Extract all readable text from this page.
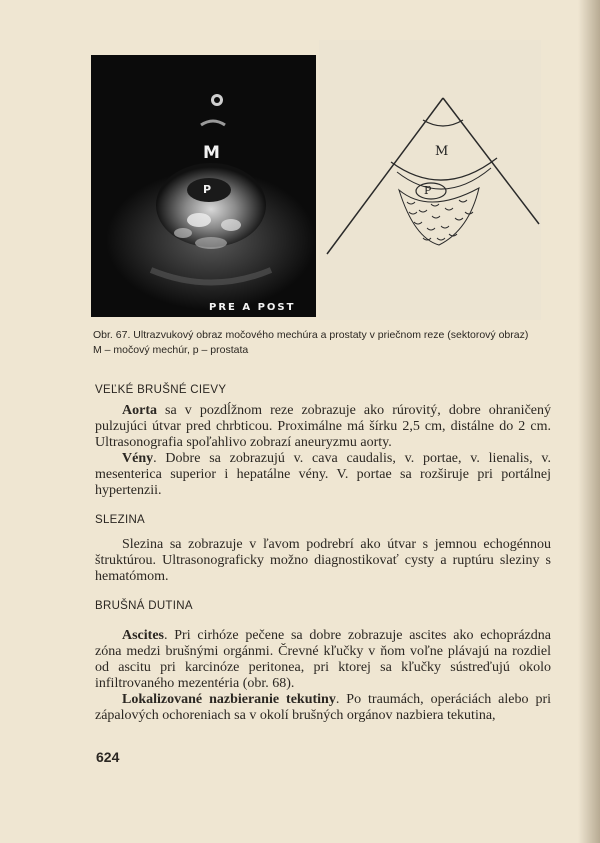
M
P
PRE A POST
M
P
Obr. 67. Ultrazvukový obraz močového mechúra a prostaty v priečnom reze (sektorový obraz)
M – močový mechúr, p – prostata
VEĽKÉ BRUŠNÉ CIEVY
Aorta sa v pozdĺžnom reze zobrazuje ako rúrovitý, dobre ohraničený pulzujúci útvar pred chrbticou. Proximálne má šírku 2,5 cm, distálne do 2 cm. Ultrasonografia spoľahlivo zobrazí aneuryzmu aorty.
Vény. Dobre sa zobrazujú v. cava caudalis, v. portae, v. lienalis, v. mesenterica superior i hepatálne vény. V. portae sa rozširuje pri portálnej hypertenzii.
SLEZINA
Slezina sa zobrazuje v ľavom podrebrí ako útvar s jemnou echogénnou štruktúrou. Ultrasonograficky možno diagnostikovať cysty a ruptúru sleziny s hematómom.
BRUŠNÁ DUTINA
Ascites. Pri cirhóze pečene sa dobre zobrazuje ascites ako echoprázdna zóna medzi brušnými orgánmi. Črevné kľučky v ňom voľne plávajú na rozdiel od ascitu pri karcinóze peritonea, pri ktorej sa kľučky sústreďujú okolo infiltrovaného mezentéria (obr. 68).
Lokalizované nazbieranie tekutiny. Po traumách, operáciách alebo pri zápalových ochoreniach sa v okolí brušných orgánov nazbiera tekutina,
624
